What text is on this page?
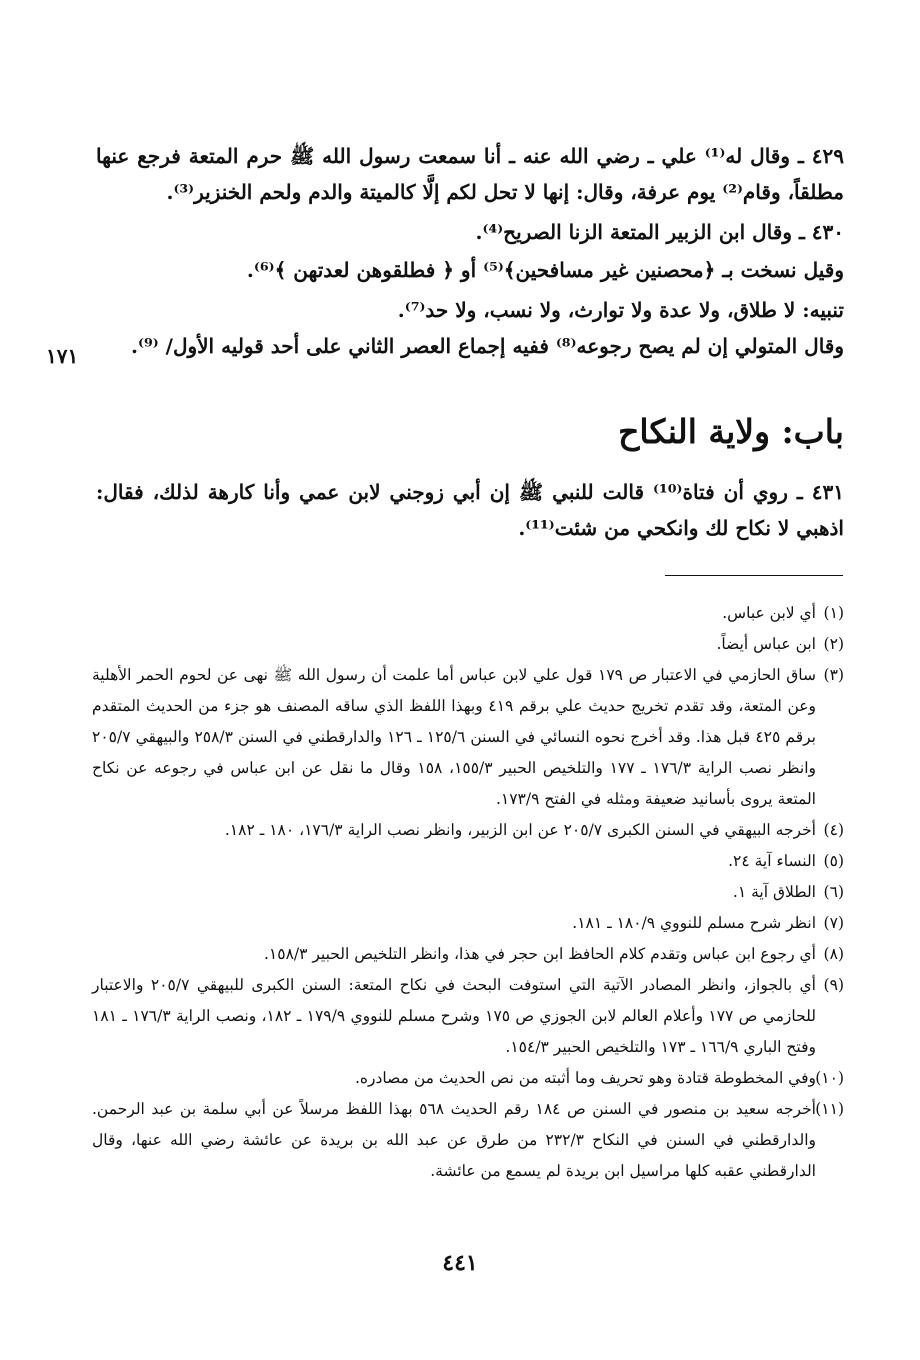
٤٢٩ ـ وقال له⁽¹⁾ علي ـ رضي الله عنه ـ أنا سمعت رسول الله ﷺ حرم المتعة فرجع عنها مطلقاً، وقام⁽²⁾ يوم عرفة، وقال: إنها لا تحل لكم إلَّا كالميتة والدم ولحم الخنزير⁽³⁾.

٤٣٠ ـ وقال ابن الزبير المتعة الزنا الصريح⁽⁴⁾.

وقيل نسخت بـ ﴿محصنين غير مسافحين﴾⁽⁵⁾ أو ﴿ فطلقوهن لعدتهن ﴾⁽⁶⁾.

تنبيه: لا طلاق، ولا عدة ولا توارث، ولا نسب، ولا حد⁽⁷⁾.

وقال المتولي إن لم يصح رجوعه⁽⁸⁾ ففيه إجماع العصر الثاني على أحد قوليه الأول/ ⁽⁹⁾.

١٧١
باب: ولاية النكاح

٤٣١ ـ روي أن فتاة⁽¹⁰⁾ قالت للنبي ﷺ إن أبي زوجني لابن عمي وأنا كارهة لذلك، فقال: اذهبي لا نكاح لك وانكحي من شئت⁽¹¹⁾.

(١)
أي لابن عباس.

(٢)
ابن عباس أيضاً.

(٣)
ساق الحازمي في الاعتبار ص ١٧٩ قول علي لابن عباس أما علمت أن رسول الله ﷺ نهى عن لحوم الحمر الأهلية وعن المتعة، وقد تقدم تخريج حديث علي برقم ٤١٩ وبهذا اللفظ الذي ساقه المصنف هو جزء من الحديث المتقدم برقم ٤٢٥ قبل هذا. وقد أخرج نحوه النسائي في السنن ١٢٥/٦ ـ ١٢٦ والدارقطني في السنن ٢٥٨/٣ والبيهقي ٢٠٥/٧ وانظر نصب الراية ١٧٦/٣ ـ ١٧٧ والتلخيص الحبير ١٥٥/٣، ١٥٨ وقال ما نقل عن ابن عباس في رجوعه عن نكاح المتعة يروى بأسانيد ضعيفة ومثله في الفتح ١٧٣/٩.

(٤)
أخرجه البيهقي في السنن الكبرى ٢٠٥/٧ عن ابن الزبير، وانظر نصب الراية ١٧٦/٣، ١٨٠ ـ ١٨٢.

(٥)
النساء آية ٢٤.

(٦)
الطلاق آية ١.

(٧)
انظر شرح مسلم للنووي ١٨٠/٩ ـ ١٨١.

(٨)
أي رجوع ابن عباس وتقدم كلام الحافظ ابن حجر في هذا، وانظر التلخيص الحبير ١٥٨/٣.

(٩)
أي بالجواز، وانظر المصادر الآتية التي استوفت البحث في نكاح المتعة: السنن الكبرى للبيهقي ٢٠٥/٧ والاعتبار للحازمي ص ١٧٧ وأعلام العالم لابن الجوزي ص ١٧٥ وشرح مسلم للنووي ١٧٩/٩ ـ ١٨٢، ونصب الراية ١٧٦/٣ ـ ١٨١ وفتح الباري ١٦٦/٩ ـ ١٧٣ والتلخيص الحبير ١٥٤/٣.

(١٠)
وفي المخطوطة قتادة وهو تحريف وما أثبته من نص الحديث من مصادره.

(١١)
أخرجه سعيد بن منصور في السنن ص ١٨٤ رقم الحديث ٥٦٨ بهذا اللفظ مرسلاً عن أبي سلمة بن عبد الرحمن. والدارقطني في السنن في النكاح ٢٣٢/٣ من طرق عن عبد الله بن بريدة عن عائشة رضي الله عنها، وقال الدارقطني عقبه كلها مراسيل ابن بريدة لم يسمع من عائشة.

٤٤١
